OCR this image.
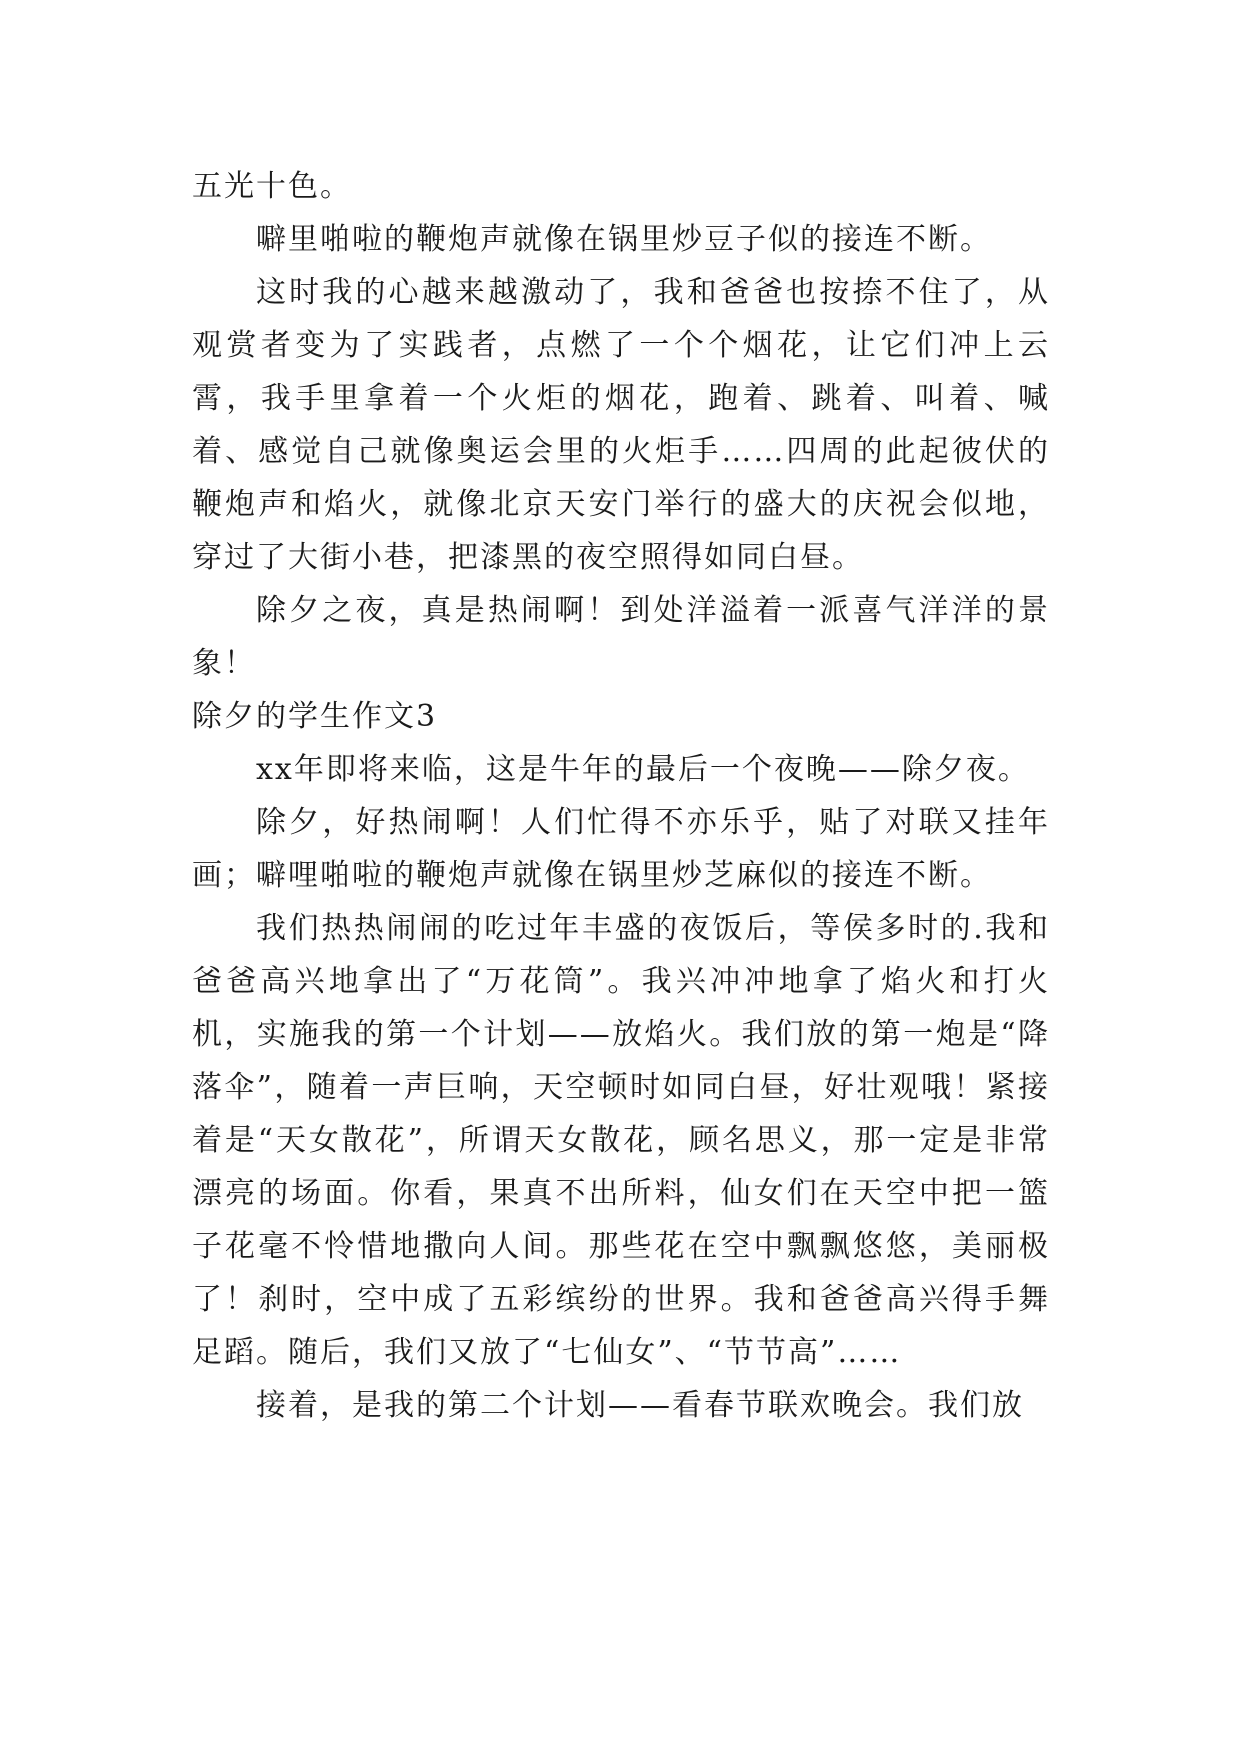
五光十色。

噼里啪啦的鞭炮声就像在锅里炒豆子似的接连不断。

这时我的心越来越激动了，我和爸爸也按捺不住了，从观赏者变为了实践者，点燃了一个个烟花，让它们冲上云霄，我手里拿着一个火炬的烟花，跑着、跳着、叫着、喊着、感觉自己就像奥运会里的火炬手……四周的此起彼伏的鞭炮声和焰火，就像北京天安门举行的盛大的庆祝会似地，穿过了大街小巷，把漆黑的夜空照得如同白昼。

除夕之夜，真是热闹啊！到处洋溢着一派喜气洋洋的景象！

除夕的学生作文3

xx年即将来临，这是牛年的最后一个夜晚——除夕夜。

除夕，好热闹啊！人们忙得不亦乐乎，贴了对联又挂年画；噼哩啪啦的鞭炮声就像在锅里炒芝麻似的接连不断。

我们热热闹闹的吃过年丰盛的夜饭后，等侯多时的.我和爸爸高兴地拿出了“万花筒”。我兴冲冲地拿了焰火和打火机，实施我的第一个计划——放焰火。我们放的第一炮是“降落伞”，随着一声巨响，天空顿时如同白昼，好壮观哦！紧接着是“天女散花”，所谓天女散花，顾名思义，那一定是非常漂亮的场面。你看，果真不出所料，仙女们在天空中把一篮子花毫不怜惜地撒向人间。那些花在空中飘飘悠悠，美丽极了！刹时，空中成了五彩缤纷的世界。我和爸爸高兴得手舞足蹈。随后，我们又放了“七仙女”、“节节高”……

接着，是我的第二个计划——看春节联欢晚会。我们放
